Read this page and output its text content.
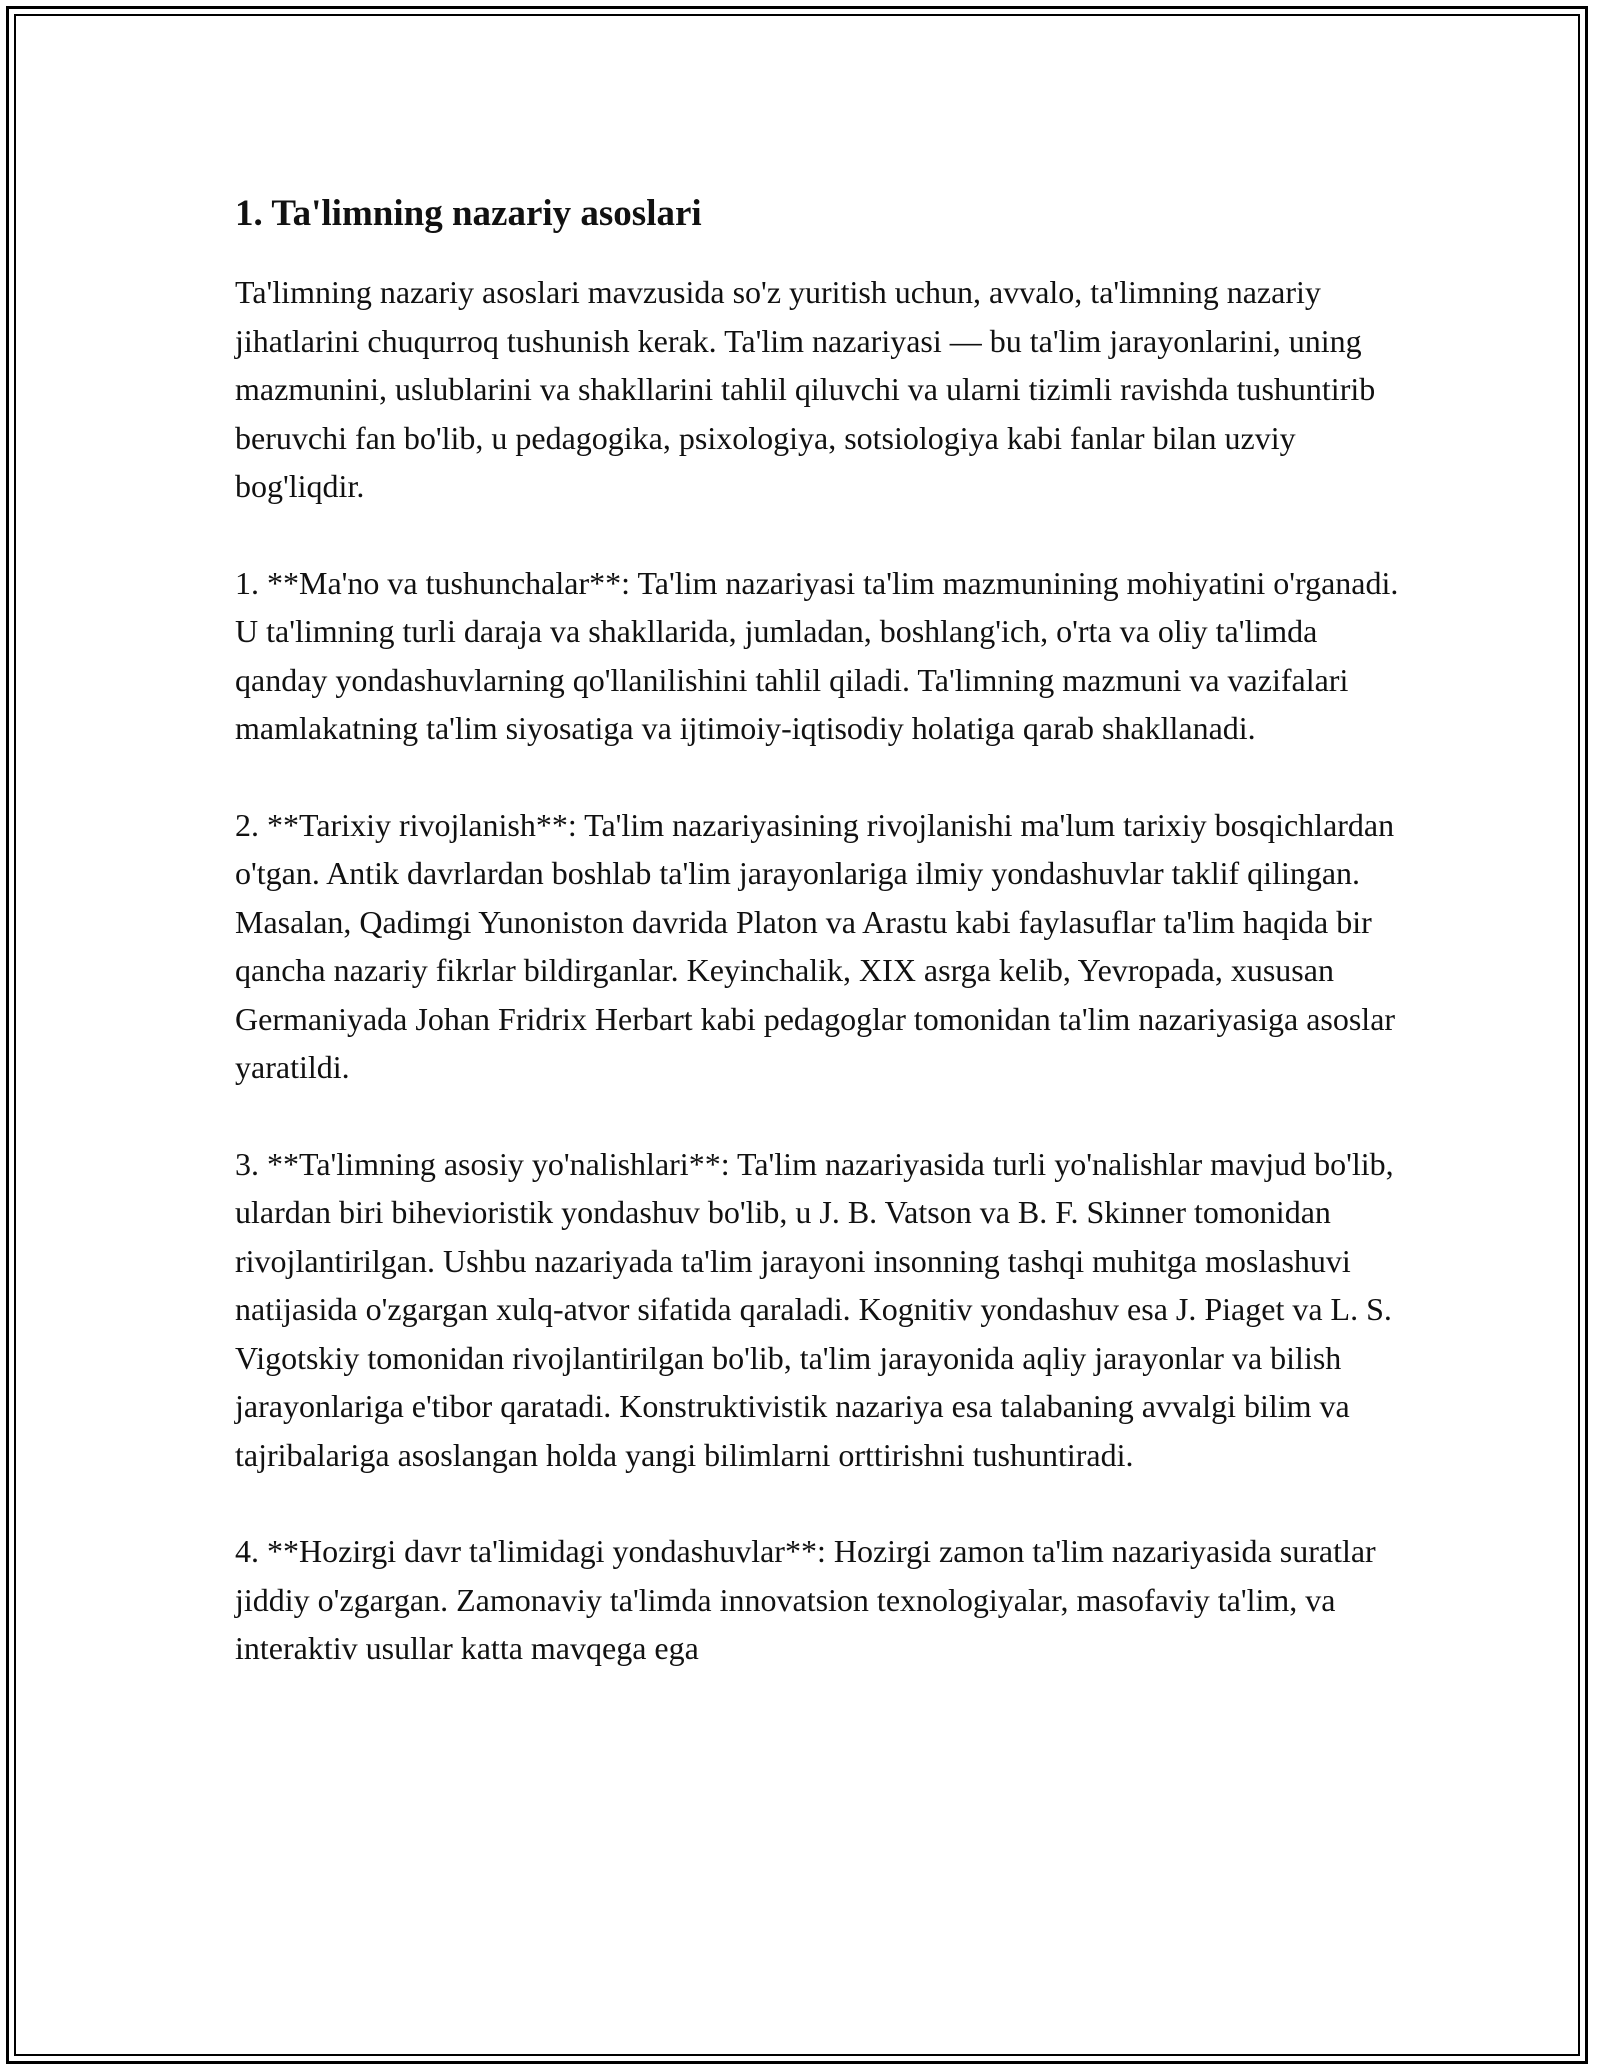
1. Ta'limning nazariy asoslari

Ta'limning nazariy asoslari mavzusida so'z yuritish uchun, avvalo, ta'limning nazariy jihatlarini chuqurroq tushunish kerak. Ta'lim nazariyasi — bu ta'lim jarayonlarini, uning mazmunini, uslublarini va shakllarini tahlil qiluvchi va ularni tizimli ravishda tushuntirib beruvchi fan bo'lib, u pedagogika, psixologiya, sotsiologiya kabi fanlar bilan uzviy bog'liqdir.

1. **Ma'no va tushunchalar**: Ta'lim nazariyasi ta'lim mazmunining mohiyatini o'rganadi. U ta'limning turli daraja va shakllarida, jumladan, boshlang'ich, o'rta va oliy ta'limda qanday yondashuvlarning qo'llanilishini tahlil qiladi. Ta'limning mazmuni va vazifalari mamlakatning ta'lim siyosatiga va ijtimoiy-iqtisodiy holatiga qarab shakllanadi.

2. **Tarixiy rivojlanish**: Ta'lim nazariyasining rivojlanishi ma'lum tarixiy bosqichlardan o'tgan. Antik davrlardan boshlab ta'lim jarayonlariga ilmiy yondashuvlar taklif qilingan. Masalan, Qadimgi Yunoniston davrida Platon va Arastu kabi faylasuflar ta'lim haqida bir qancha nazariy fikrlar bildirganlar. Keyinchalik, XIX asrga kelib, Yevropada, xususan Germaniyada Johan Fridrix Herbart kabi pedagoglar tomonidan ta'lim nazariyasiga asoslar yaratildi.

3. **Ta'limning asosiy yo'nalishlari**: Ta'lim nazariyasida turli yo'nalishlar mavjud bo'lib, ulardan biri bihevioristik yondashuv bo'lib, u J. B. Vatson va B. F. Skinner tomonidan rivojlantirilgan. Ushbu nazariyada ta'lim jarayoni insonning tashqi muhitga moslashuvi natijasida o'zgargan xulq-atvor sifatida qaraladi. Kognitiv yondashuv esa J. Piaget va L. S. Vigotskiy tomonidan rivojlantirilgan bo'lib, ta'lim jarayonida aqliy jarayonlar va bilish jarayonlariga e'tibor qaratadi. Konstruktivistik nazariya esa talabaning avvalgi bilim va tajribalariga asoslangan holda yangi bilimlarni orttirishni tushuntiradi.

4. **Hozirgi davr ta'limidagi yondashuvlar**: Hozirgi zamon ta'lim nazariyasida suratlar jiddiy o'zgargan. Zamonaviy ta'limda innovatsion texnologiyalar, masofaviy ta'lim, va interaktiv usullar katta mavqega ega
